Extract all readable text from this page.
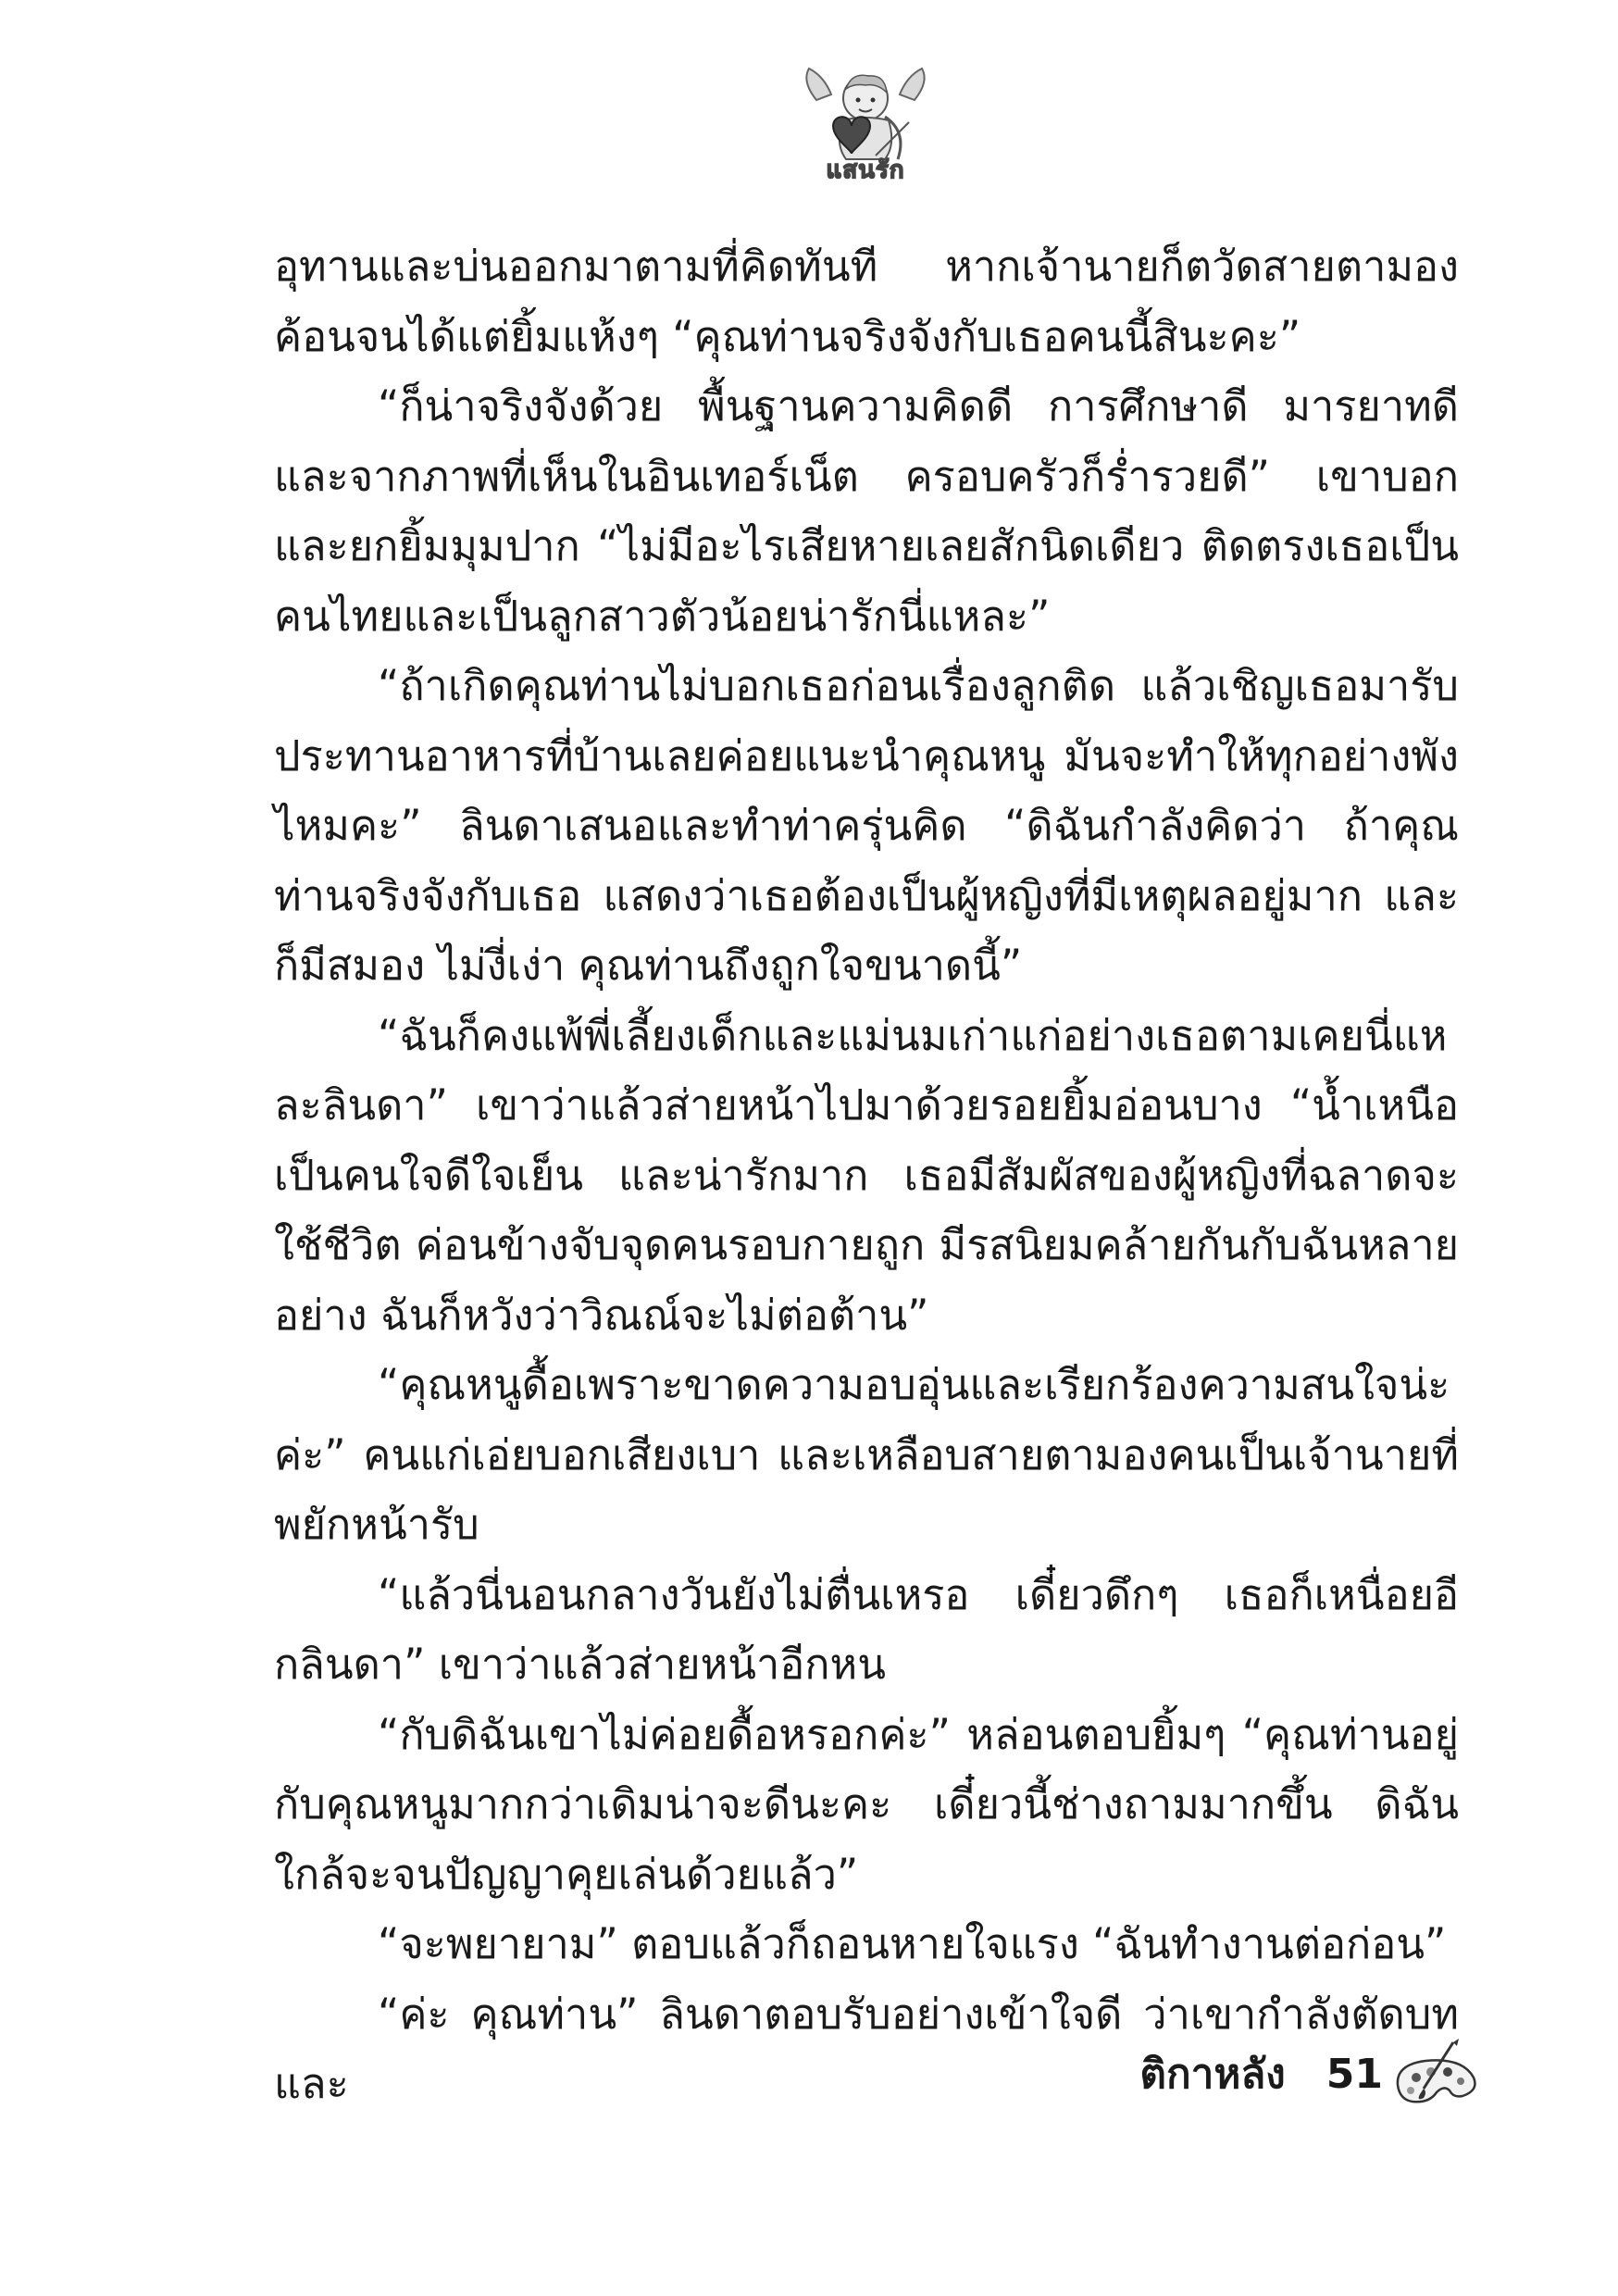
แสนรัก

อุทานและบ่นออกมาตามที่คิดทันที หากเจ้านายก็ตวัดสายตามองค้อนจนได้แต่ยิ้มแห้งๆ “คุณท่านจริงจังกับเธอคนนี้สินะคะ”

“ก็น่าจริงจังด้วย พื้นฐานความคิดดี การศึกษาดี มารยาทดี และจากภาพที่เห็นในอินเทอร์เน็ต ครอบครัวก็ร่ำรวยดี” เขาบอกและยกยิ้มมุมปาก “ไม่มีอะไรเสียหายเลยสักนิดเดียว ติดตรงเธอเป็นคนไทยและเป็นลูกสาวตัวน้อยน่ารักนี่แหละ”

“ถ้าเกิดคุณท่านไม่บอกเธอก่อนเรื่องลูกติด แล้วเชิญเธอมารับประทานอาหารที่บ้านเลยค่อยแนะนำคุณหนู มันจะทำให้ทุกอย่างพังไหมคะ” ลินดาเสนอและทำท่าครุ่นคิด “ดิฉันกำลังคิดว่า ถ้าคุณท่านจริงจังกับเธอ แสดงว่าเธอต้องเป็นผู้หญิงที่มีเหตุผลอยู่มาก และก็มีสมอง ไม่งี่เง่า คุณท่านถึงถูกใจขนาดนี้”

“ฉันก็คงแพ้พี่เลี้ยงเด็กและแม่นมเก่าแก่อย่างเธอตามเคยนี่แหละลินดา” เขาว่าแล้วส่ายหน้าไปมาด้วยรอยยิ้มอ่อนบาง “น้ำเหนือเป็นคนใจดีใจเย็น และน่ารักมาก เธอมีสัมผัสของผู้หญิงที่ฉลาดจะใช้ชีวิต ค่อนข้างจับจุดคนรอบกายถูก มีรสนิยมคล้ายกันกับฉันหลายอย่าง ฉันก็หวังว่าวิณณ์จะไม่ต่อต้าน”

“คุณหนูดื้อเพราะขาดความอบอุ่นและเรียกร้องความสนใจน่ะค่ะ” คนแก่เอ่ยบอกเสียงเบา และเหลือบสายตามองคนเป็นเจ้านายที่พยักหน้ารับ

“แล้วนี่นอนกลางวันยังไม่ตื่นเหรอ เดี๋ยวดึกๆ เธอก็เหนื่อยอีกลินดา” เขาว่าแล้วส่ายหน้าอีกหน

“กับดิฉันเขาไม่ค่อยดื้อหรอกค่ะ” หล่อนตอบยิ้มๆ “คุณท่านอยู่กับคุณหนูมากกว่าเดิมน่าจะดีนะคะ เดี๋ยวนี้ช่างถามมากขึ้น ดิฉันใกล้จะจนปัญญาคุยเล่นด้วยแล้ว”

“จะพยายาม” ตอบแล้วก็ถอนหายใจแรง “ฉันทำงานต่อก่อน”

“ค่ะ คุณท่าน” ลินดาตอบรับอย่างเข้าใจดี ว่าเขากำลังตัดบทและ	ติกาหลัง 51
